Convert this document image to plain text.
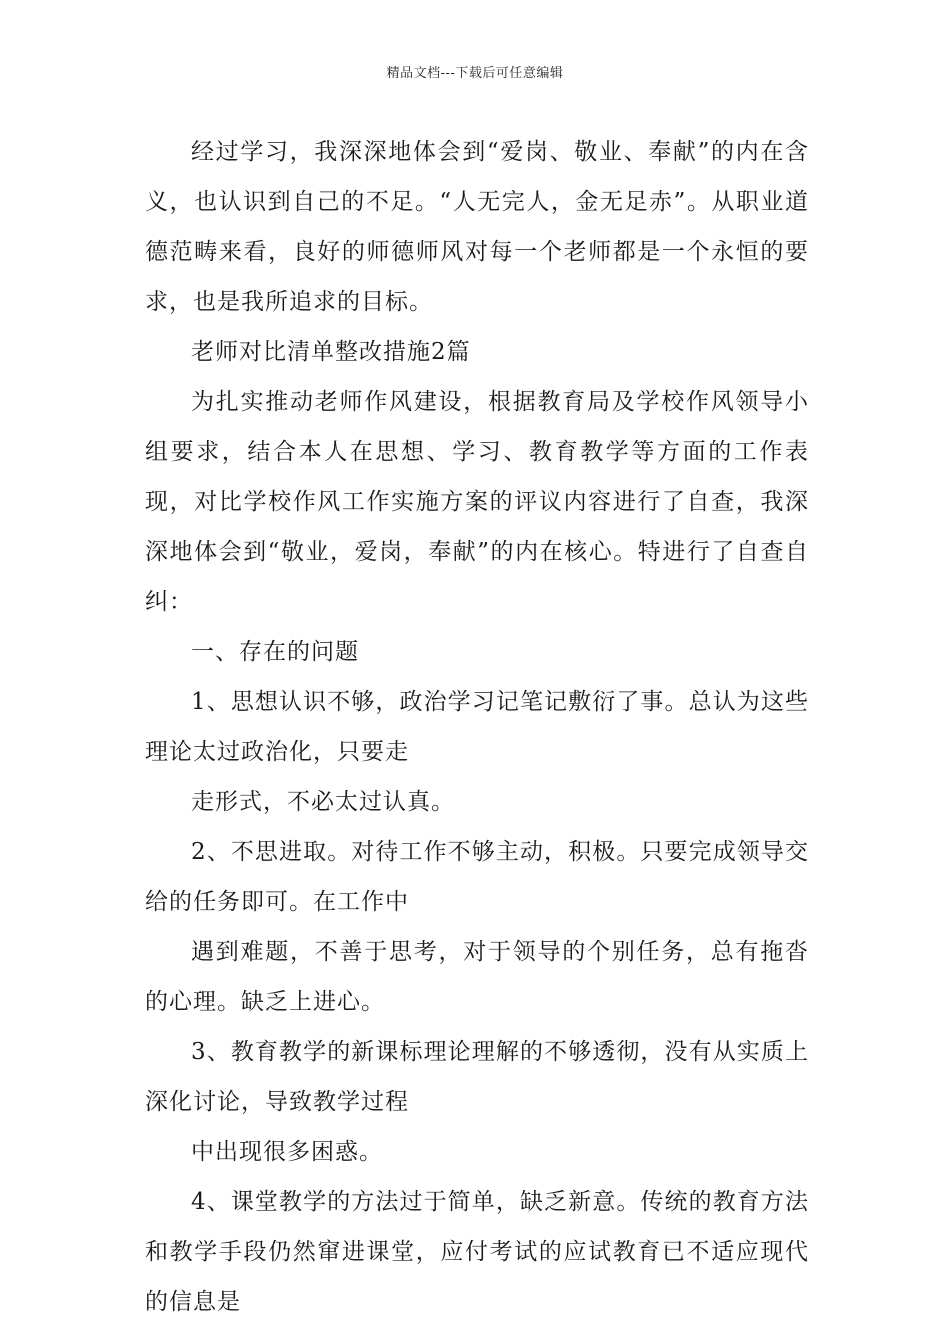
精品文档---下载后可任意编辑

经过学习，我深深地体会到“爱岗、敬业、奉献”的内在含义，也认识到自己的不足。“人无完人，金无足赤”。从职业道德范畴来看，良好的师德师风对每一个老师都是一个永恒的要求，也是我所追求的目标。

老师对比清单整改措施2篇

为扎实推动老师作风建设，根据教育局及学校作风领导小组要求，结合本人在思想、学习、教育教学等方面的工作表现，对比学校作风工作实施方案的评议内容进行了自查，我深深地体会到“敬业，爱岗，奉献”的内在核心。特进行了自查自纠：

一、存在的问题

1、思想认识不够，政治学习记笔记敷衍了事。总认为这些理论太过政治化，只要走

走形式，不必太过认真。

2、不思进取。对待工作不够主动，积极。只要完成领导交给的任务即可。在工作中

遇到难题，不善于思考，对于领导的个别任务，总有拖沓的心理。缺乏上进心。

3、教育教学的新课标理论理解的不够透彻，没有从实质上深化讨论，导致教学过程

中出现很多困惑。

4、课堂教学的方法过于简单，缺乏新意。传统的教育方法和教学手段仍然窜进课堂，应付考试的应试教育已不适应现代的信息是
